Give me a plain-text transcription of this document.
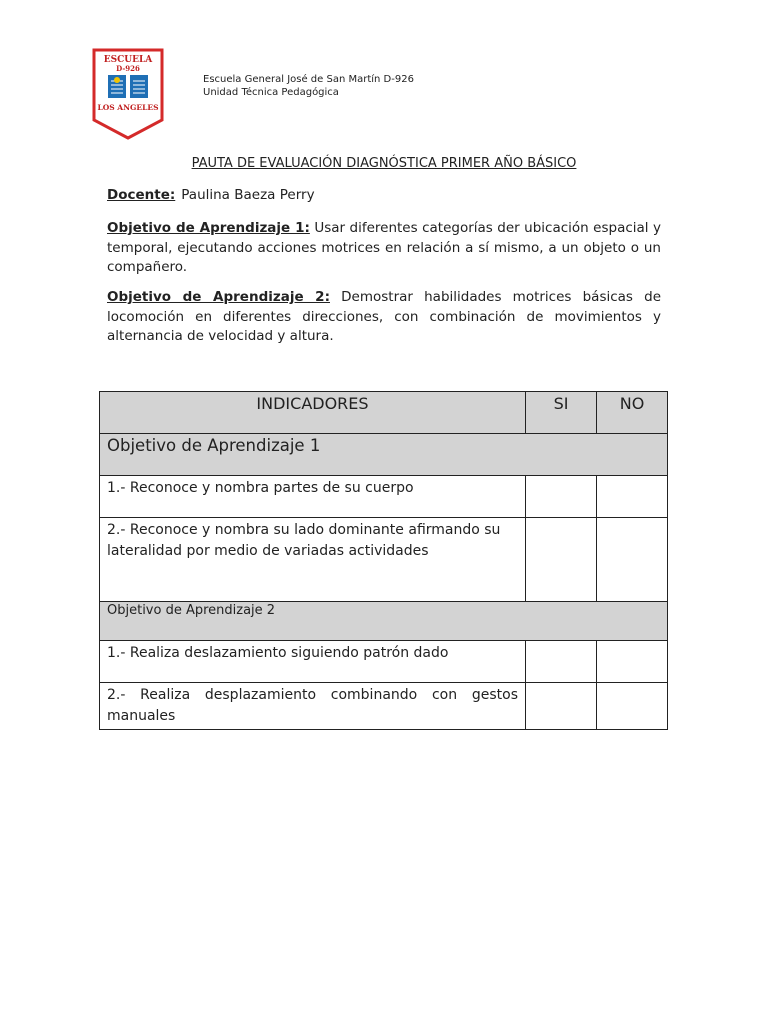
ESCUELA
D-926
LOS ANGELES
Escuela General José de San Martín D-926
Unidad Técnica Pedagógica
PAUTA DE EVALUACIÓN DIAGNÓSTICA PRIMER AÑO BÁSICO
Docente: Paulina Baeza Perry
Objetivo de Aprendizaje 1: Usar diferentes categorías der ubicación espacial y temporal, ejecutando acciones motrices en relación a sí mismo, a un objeto o un compañero.
Objetivo de Aprendizaje 2: Demostrar habilidades motrices básicas de locomoción en diferentes direcciones, con combinación de movimientos y alternancia de velocidad y altura.
INDICADORES	SI	NO
Objetivo de Aprendizaje 1		
1.- Reconoce y nombra partes de su cuerpo		
2.- Reconoce y nombra su lado dominante afirmando su lateralidad por medio de variadas actividades		
Objetivo de Aprendizaje 2		
1.- Realiza deslazamiento siguiendo patrón dado		
2.- Realiza desplazamiento combinando con gestos manuales		
